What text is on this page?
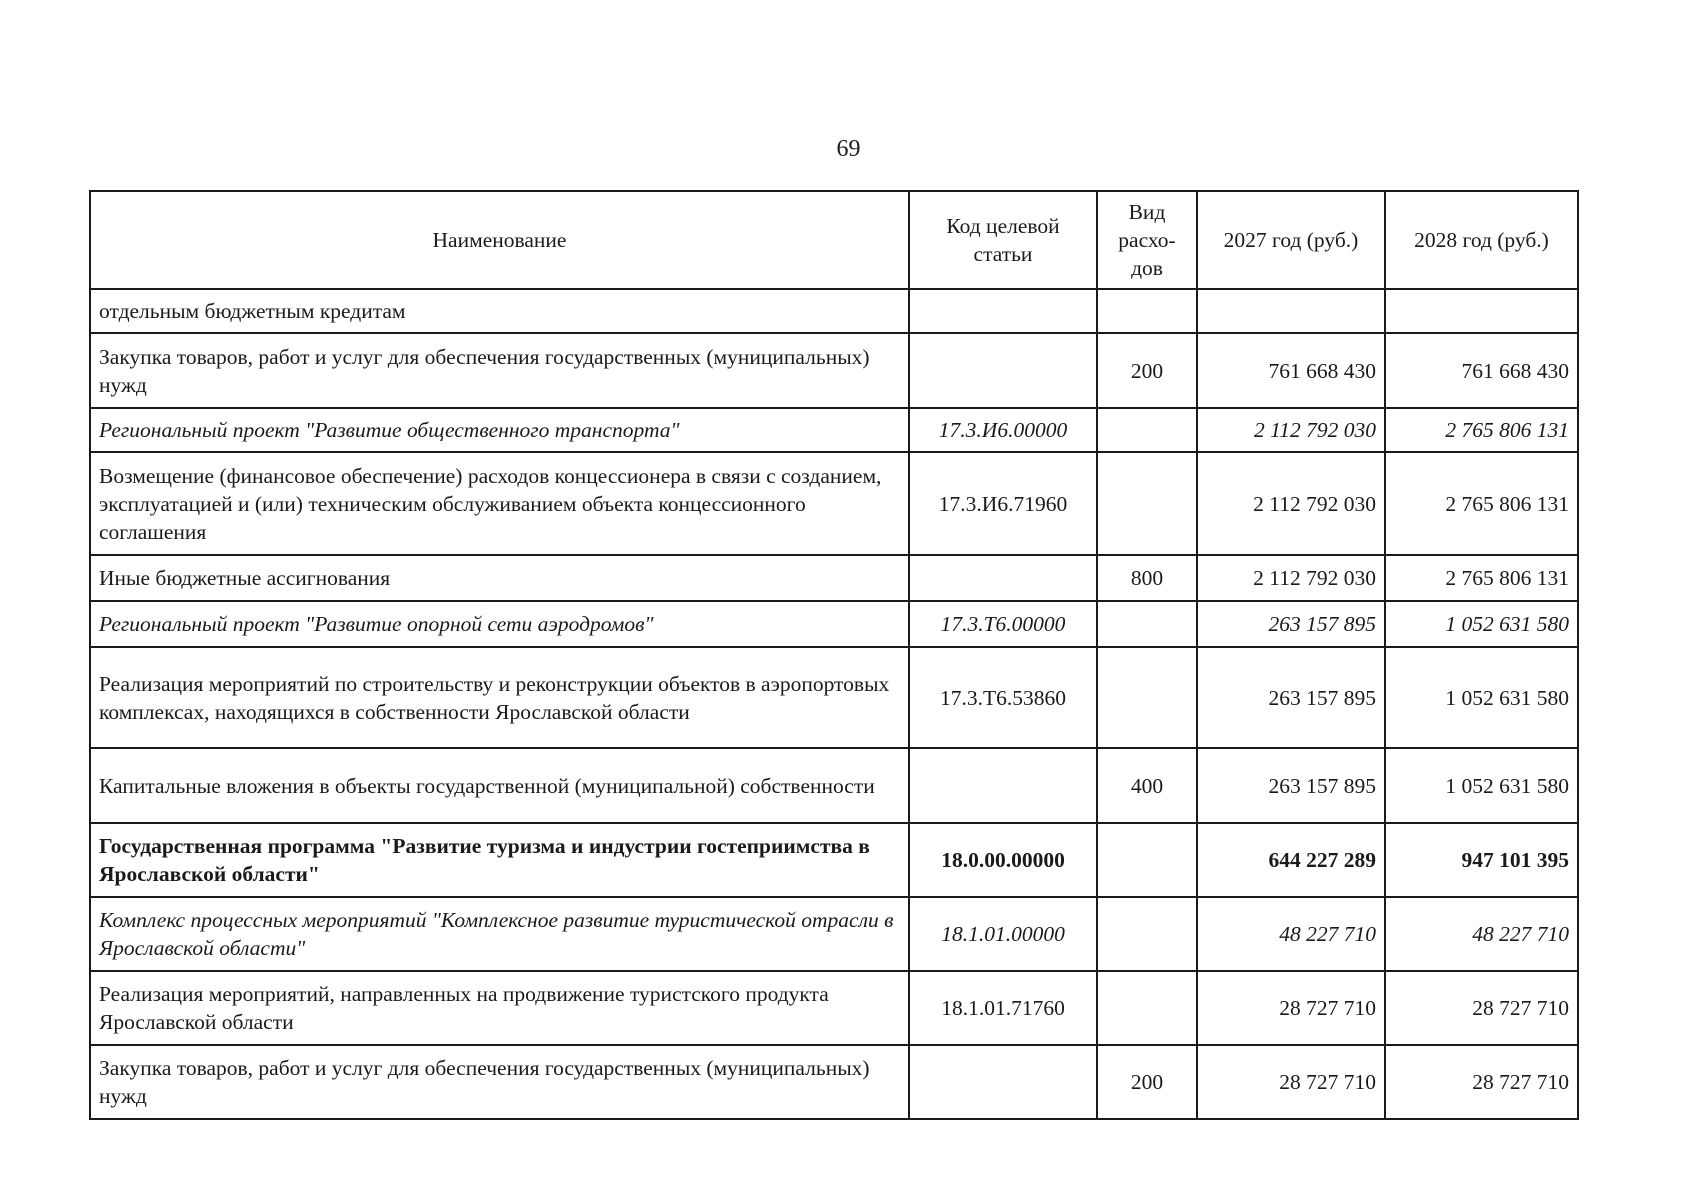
69
Наименование	Код целевой статьи	Вид расхо-дов	2027 год (руб.)	2028 год (руб.)
отдельным бюджетным кредитам				
Закупка товаров, работ и услуг для обеспечения государственных (муниципальных) нужд		200	761 668 430	761 668 430
Региональный проект "Развитие общественного транспорта"	17.3.И6.00000		2 112 792 030	2 765 806 131
Возмещение (финансовое обеспечение) расходов концессионера в связи с созданием, эксплуатацией и (или) техническим обслуживанием объекта концессионного соглашения	17.3.И6.71960		2 112 792 030	2 765 806 131
Иные бюджетные ассигнования		800	2 112 792 030	2 765 806 131
Региональный проект "Развитие опорной сети аэродромов"	17.3.Т6.00000		263 157 895	1 052 631 580
Реализация мероприятий по строительству и реконструкции объектов в аэропортовых комплексах, находящихся в собственности Ярославской области	17.3.Т6.53860		263 157 895	1 052 631 580
Капитальные вложения в объекты государственной (муниципальной) собственности		400	263 157 895	1 052 631 580
Государственная программа "Развитие туризма и индустрии гостеприимства в Ярославской области"	18.0.00.00000		644 227 289	947 101 395
Комплекс процессных мероприятий "Комплексное развитие туристической отрасли в Ярославской области"	18.1.01.00000		48 227 710	48 227 710
Реализация мероприятий, направленных на продвижение туристского продукта Ярославской области	18.1.01.71760		28 727 710	28 727 710
Закупка товаров, работ и услуг для обеспечения государственных (муниципальных) нужд		200	28 727 710	28 727 710
